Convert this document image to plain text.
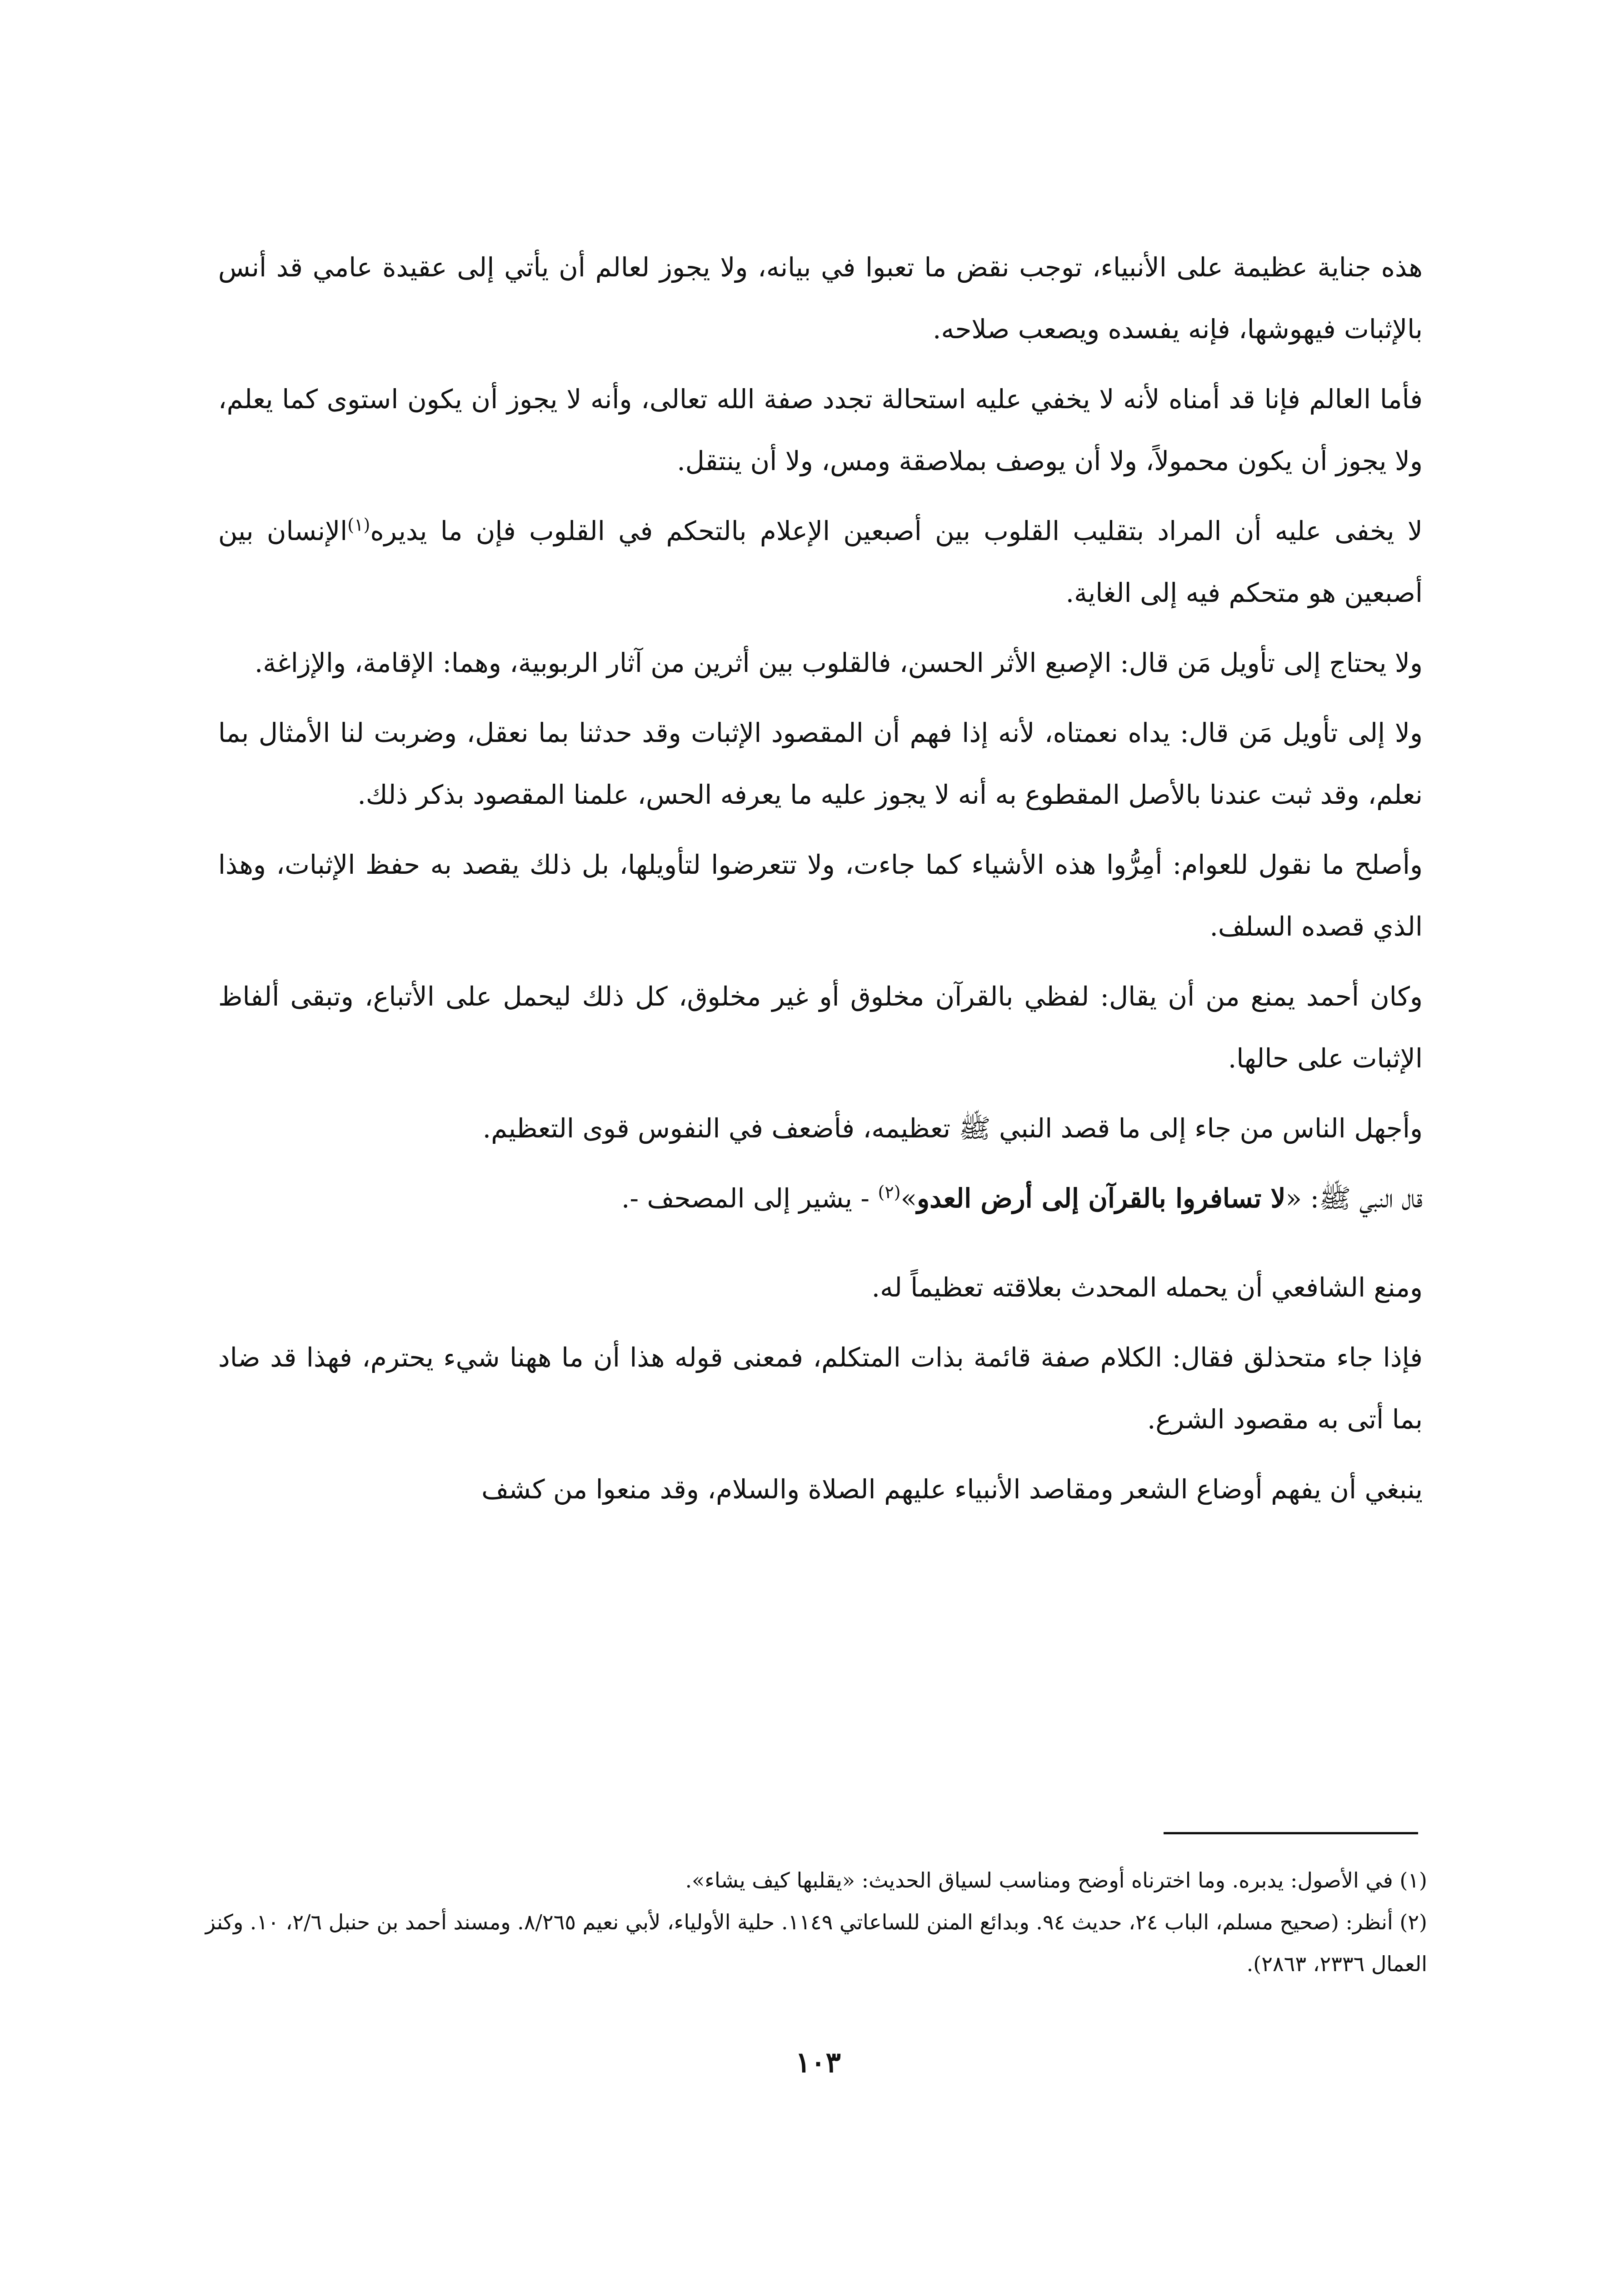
هذه جناية عظيمة على الأنبياء، توجب نقض ما تعبوا في بيانه، ولا يجوز لعالم أن يأتي إلى عقيدة عامي قد أنس بالإثبات فيهوشها، فإنه يفسده ويصعب صلاحه.

فأما العالم فإنا قد أمناه لأنه لا يخفي عليه استحالة تجدد صفة الله تعالى، وأنه لا يجوز أن يكون استوى كما يعلم، ولا يجوز أن يكون محمولاً، ولا أن يوصف بملاصقة ومس، ولا أن ينتقل.

لا يخفى عليه أن المراد بتقليب القلوب بين أصبعين الإعلام بالتحكم في القلوب فإن ما يديره$^{(١)}$الإنسان بين أصبعين هو متحكم فيه إلى الغاية.

ولا يحتاج إلى تأويل مَن قال: الإصبع الأثر الحسن، فالقلوب بين أثرين من آثار الربوبية، وهما: الإقامة، والإزاغة.

ولا إلى تأويل مَن قال: يداه نعمتاه، لأنه إذا فهم أن المقصود الإثبات وقد حدثنا بما نعقل، وضربت لنا الأمثال بما نعلم، وقد ثبت عندنا بالأصل المقطوع به أنه لا يجوز عليه ما يعرفه الحس، علمنا المقصود بذكر ذلك.

وأصلح ما نقول للعوام: أمِرُّوا هذه الأشياء كما جاءت، ولا تتعرضوا لتأويلها، بل ذلك يقصد به حفظ الإثبات، وهذا الذي قصده السلف.

وكان أحمد يمنع من أن يقال: لفظي بالقرآن مخلوق أو غير مخلوق، كل ذلك ليحمل على الأتباع، وتبقى ألفاظ الإثبات على حالها.

وأجهل الناس من جاء إلى ما قصد النبي ﷺ تعظيمه، فأضعف في النفوس قوى التعظيم.

قال النبي ﷺ: «لا تسافروا بالقرآن إلى أرض العدو»$^{(٢)}$ - يشير إلى المصحف -.

ومنع الشافعي أن يحمله المحدث بعلاقته تعظيماً له.

فإذا جاء متحذلق فقال: الكلام صفة قائمة بذات المتكلم، فمعنى قوله هذا أن ما ههنا شيء يحترم، فهذا قد ضاد بما أتى به مقصود الشرع.

ينبغي أن يفهم أوضاع الشعر ومقاصد الأنبياء عليهم الصلاة والسلام، وقد منعوا من كشف

(١) في الأصول: يدبره. وما اخترناه أوضح ومناسب لسياق الحديث: «يقلبها كيف يشاء».

(٢) أنظر: (صحيح مسلم، الباب ٢٤، حديث ٩٤. وبدائع المنن للساعاتي ١١٤٩. حلية الأولياء، لأبي نعيم ٨/٢٦٥. ومسند أحمد بن حنبل ٢/٦، ١٠. وكنز العمال ٢٣٣٦، ٢٨٦٣).

١٠٣
